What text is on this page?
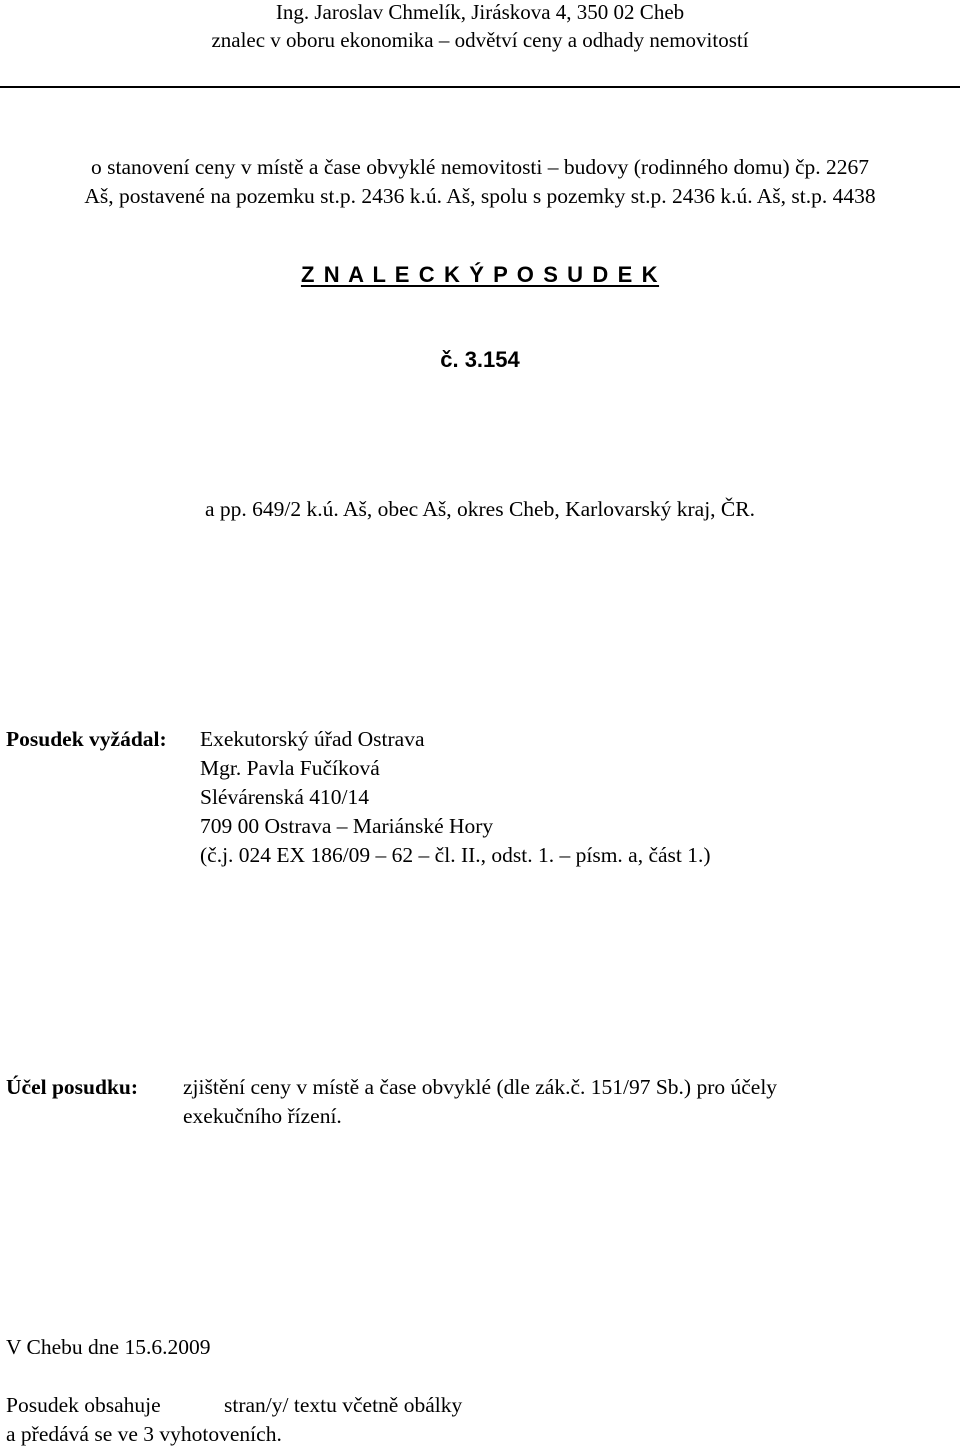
Ing. Jaroslav Chmelík, Jiráskova 4, 350 02 Cheb
znalec v oboru ekonomika – odvětví ceny a odhady nemovitostí
Z N A L E C K Ý P O S U D E K
č. 3.154
o stanovení ceny v místě a čase obvyklé nemovitosti – budovy (rodinného domu) čp. 2267
Aš, postavené na pozemku st.p. 2436 k.ú. Aš, spolu s pozemky st.p. 2436 k.ú. Aš, st.p. 4438
a pp. 649/2 k.ú. Aš, obec Aš, okres Cheb, Karlovarský kraj, ČR.
Posudek vyžádal: Exekutorský úřad Ostrava
Mgr. Pavla Fučíková
Slévárenská 410/14
709 00 Ostrava – Mariánské Hory
(č.j. 024 EX 186/09 – 62 – čl. II., odst. 1. – písm. a, část 1.)
Účel posudku: zjištění ceny v místě a čase obvyklé (dle zák.č. 151/97 Sb.) pro účely
exekučního řízení.
V Chebu dne 15.6.2009
Posudek obsahuje	stran/y/ textu včetně obálky
a předává se ve 3 vyhotoveních.
